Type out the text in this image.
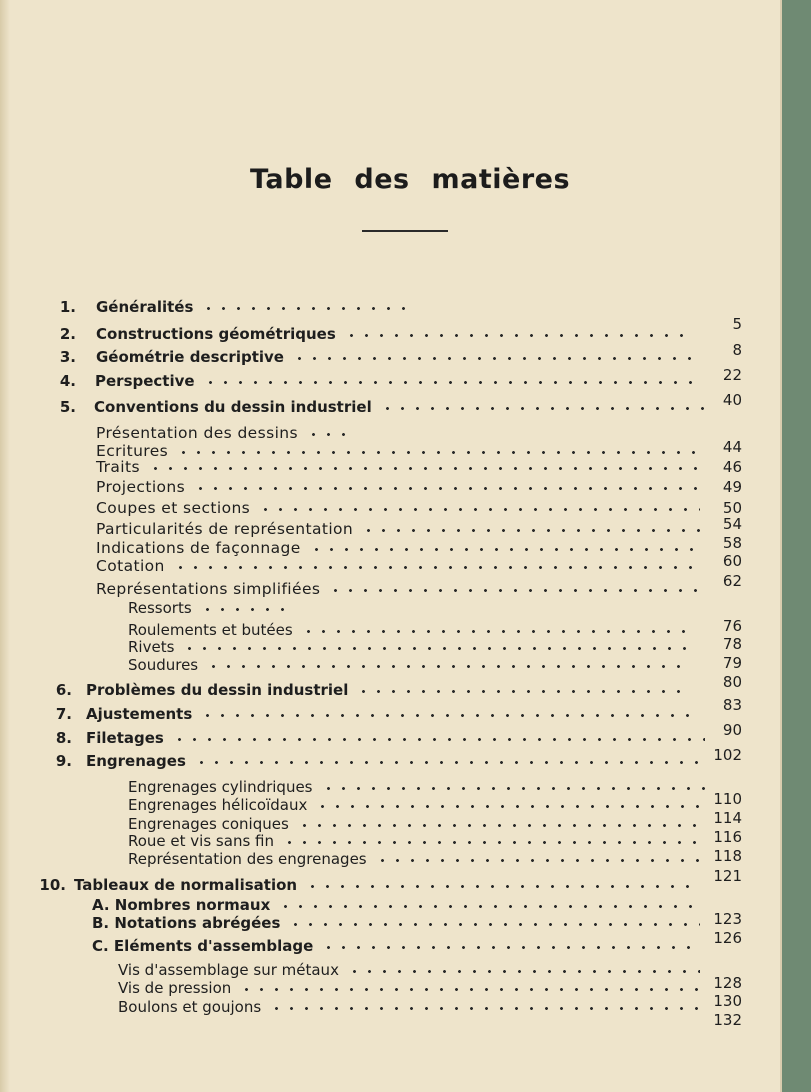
Table des matières
1. Généralités
2. Constructions géométriques
3. Géométrie descriptive
4. Perspective
5. Conventions du dessin industriel
Présentation des dessins
Ecritures
Traits
Projections
Coupes et sections
Particularités de représentation
Indications de façonnage
Cotation
Représentations simplifiées
Ressorts
Roulements et butées
Rivets
Soudures
6. Problèmes du dessin industriel
7. Ajustements
8. Filetages
9. Engrenages
Engrenages cylindriques
Engrenages hélicoïdaux
Engrenages coniques
Roue et vis sans fin
Représentation des engrenages
10. Tableaux de normalisation
A. Nombres normaux
B. Notations abrégées
C. Eléments d'assemblage
Vis d'assemblage sur métaux
Vis de pression
Boulons et goujons
5
8
22
40
44
46
49
50
54
58
60
62
76
78
79
80
83
90
102
110
114
116
118
121
123
126
128
130
132
